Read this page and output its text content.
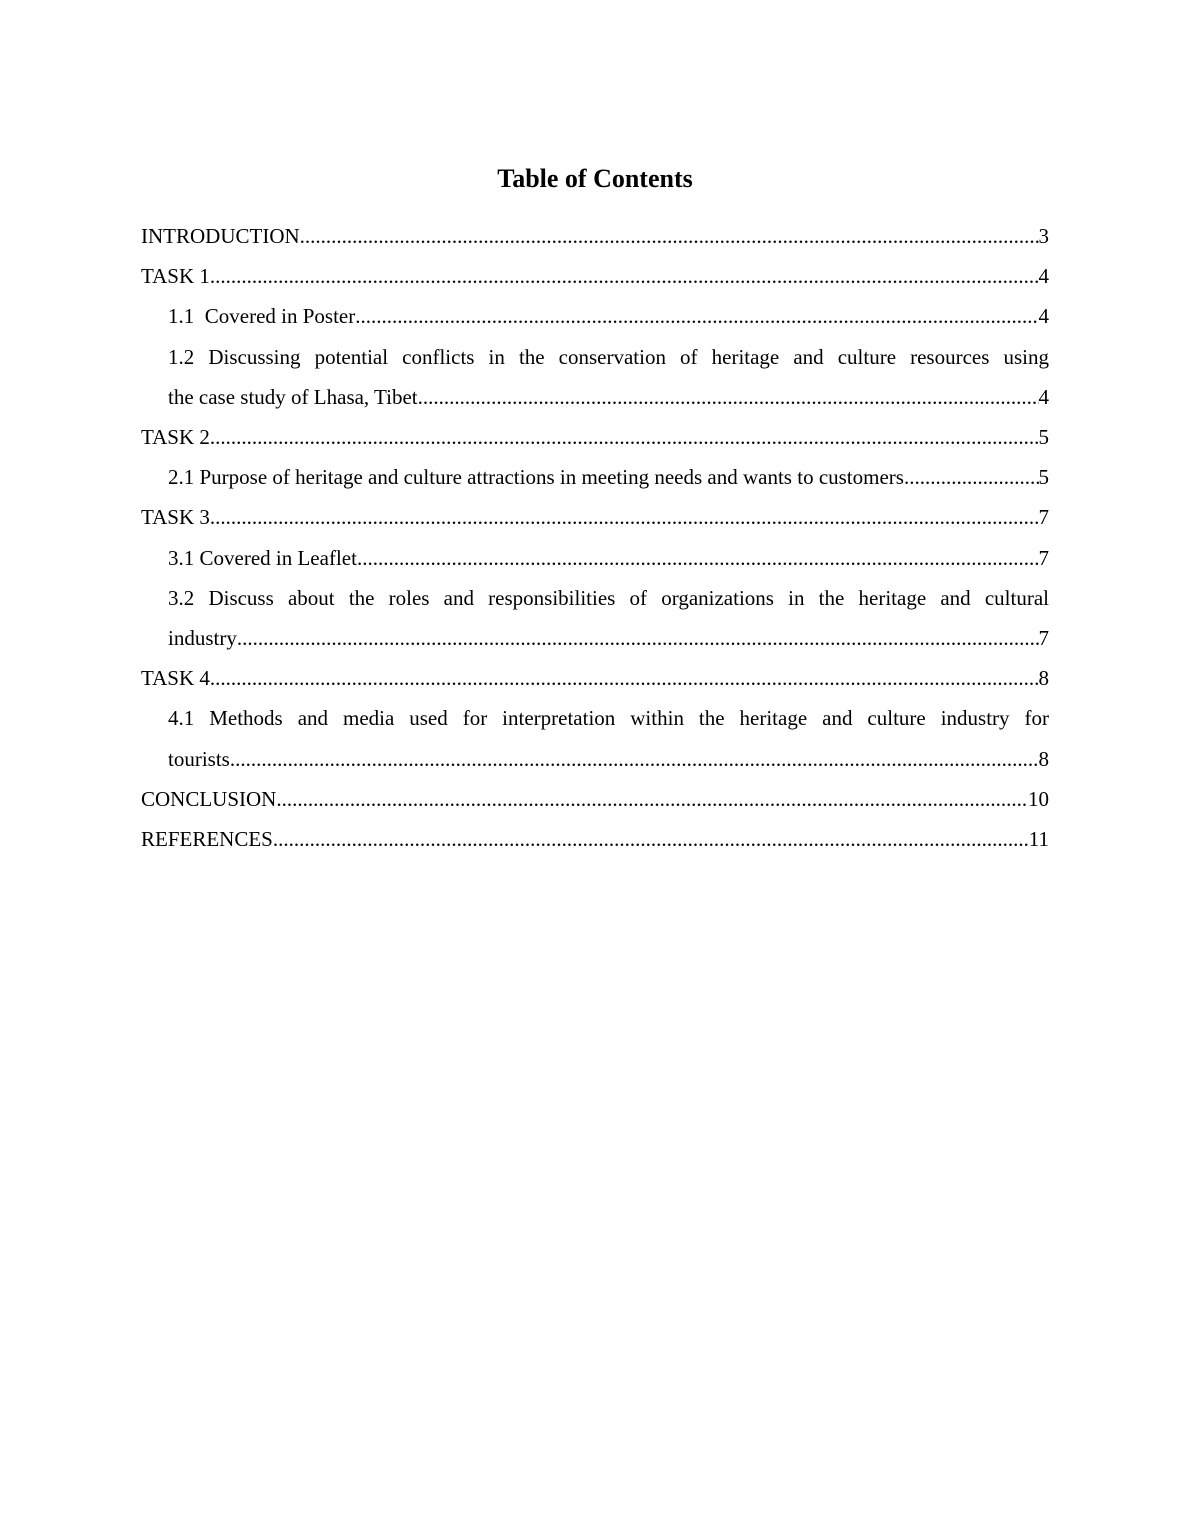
Table of Contents
INTRODUCTION .....	3
TASK 1 .....	4
1.1  Covered in Poster .....	4
1.2 Discussing potential conflicts in the conservation of heritage and culture resources using
the case study of Lhasa, Tibet .....	4
TASK 2 .....	5
2.1 Purpose of heritage and culture attractions in meeting needs and wants to customers .....	5
TASK 3 .....	7
3.1 Covered in Leaflet .....	7
3.2 Discuss about the roles and responsibilities of organizations in the heritage and cultural
industry .....	7
TASK 4 .....	8
4.1 Methods and media used for interpretation within the heritage and culture industry for
tourists .....	8
CONCLUSION .....	10
REFERENCES .....	11
